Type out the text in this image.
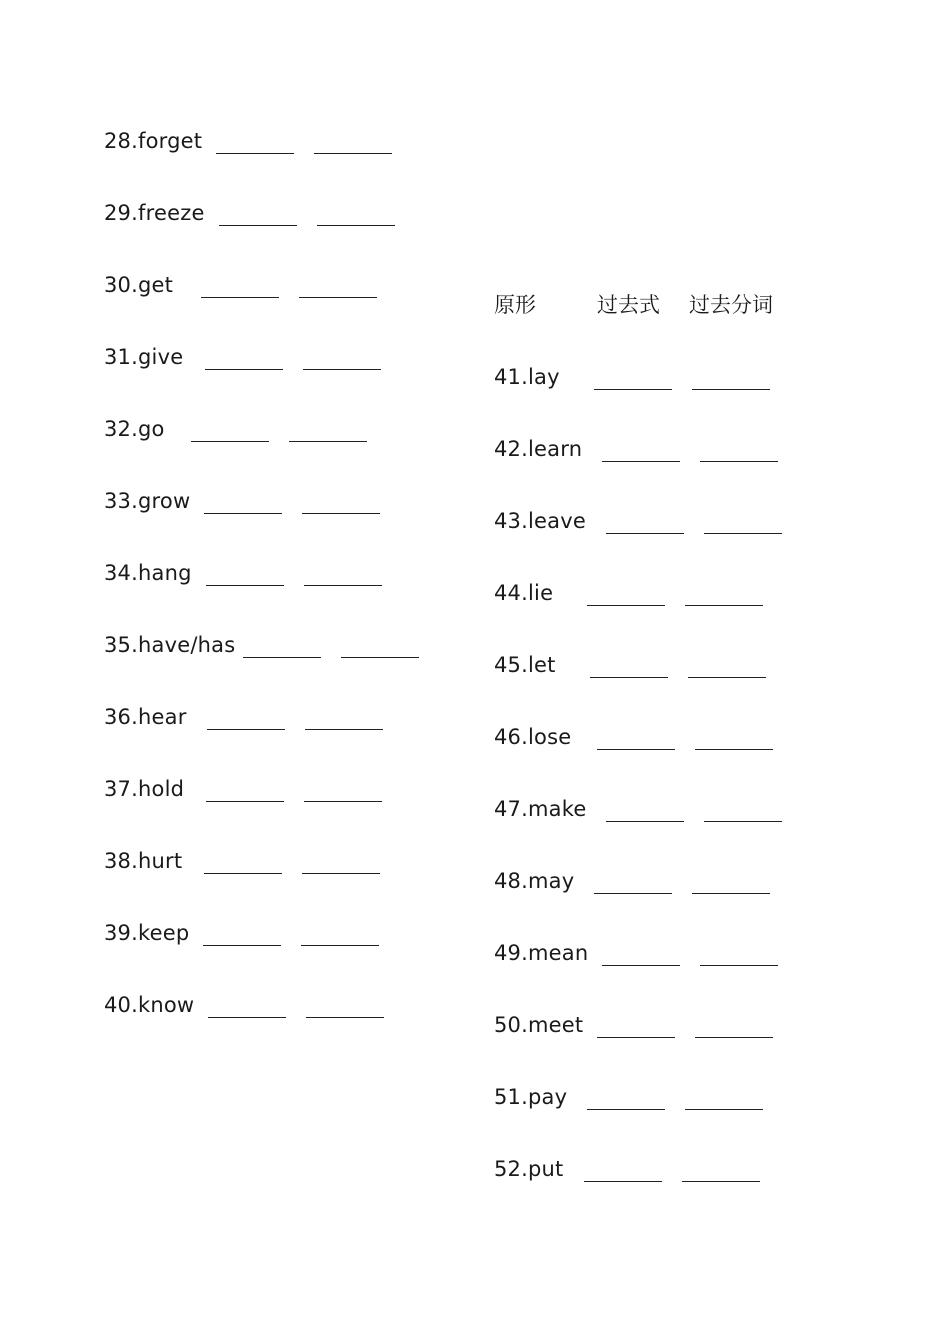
28 . forget
29 . freeze
30 . get
31 . give
32 . go
33 . grow
34 . hang
35 . have/has
36 . hear
37 . hold
38 . hurt
39 . keep
40 . know
原形	过去式 过去分词
41 . lay
42 . learn
43 . leave
44 . lie
45 . let
46 . lose
47 . make
48 . may
49 . mean
50 . meet
51 . pay
52 . put
